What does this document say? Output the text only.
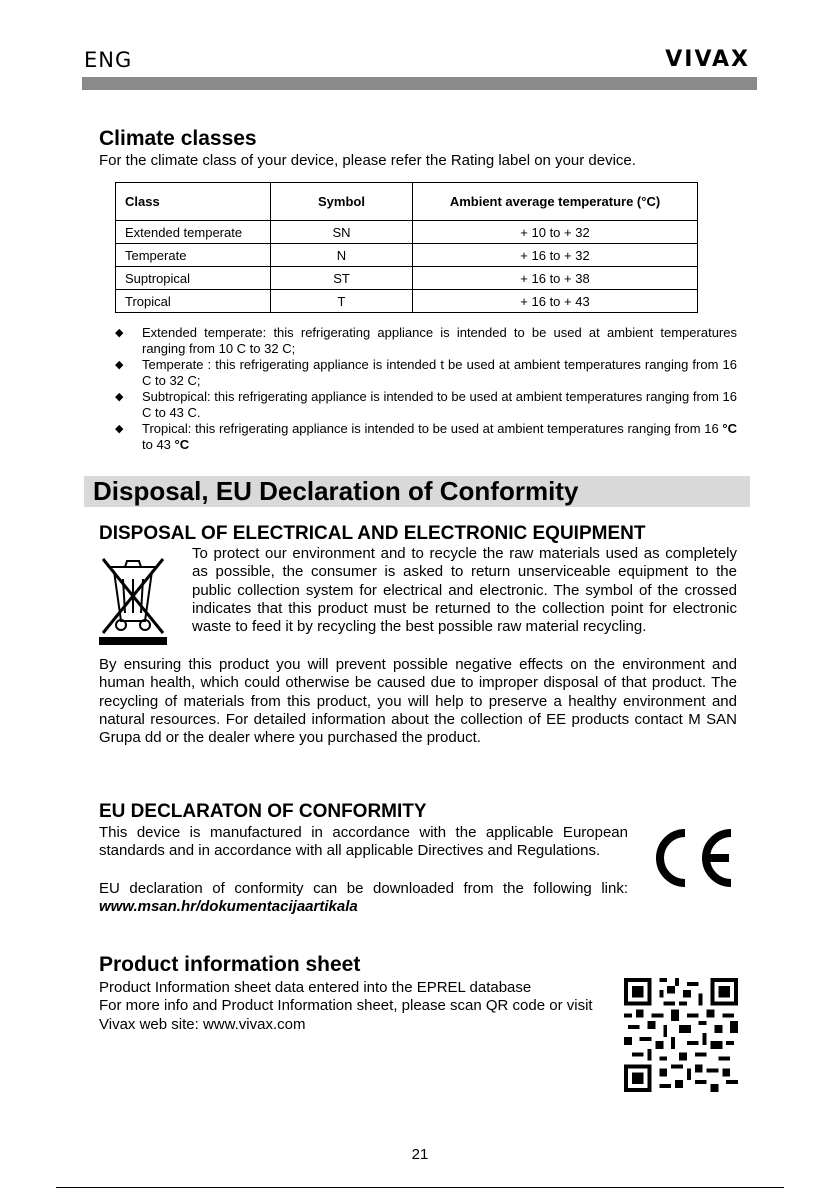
ENG	VIVAX
Climate classes
For the climate class of your device, please refer the Rating label on your device.
Class	Symbol	Ambient average temperature (°C)
Extended temperate	SN	+ 10 to + 32
Temperate	N	+ 16 to + 32
Suptropical	ST	+ 16 to + 38
Tropical	T	+ 16 to + 43
◆ Extended temperate: this refrigerating appliance is intended to be used at ambient temperatures ranging from 10 C to 32 C;
◆ Temperate : this refrigerating appliance is intended t be used at ambient temperatures ranging from 16 C to 32 C;
◆ Subtropical: this refrigerating appliance is intended to be used at ambient temperatures ranging from 16 C to 43 C.
◆ Tropical: this refrigerating appliance is intended to be used at ambient temperatures ranging from 16 °C to 43 °C
Disposal, EU Declaration of Conformity
DISPOSAL OF ELECTRICAL AND ELECTRONIC EQUIPMENT

To protect our environment and to recycle the raw materials used as completely as possible, the consumer is asked to return unserviceable equipment to the public collection system for electrical and electronic. The symbol of the crossed indicates that this product must be returned to the collection point for electronic waste to feed it by recycling the best possible raw material recycling.

By ensuring this product you will prevent possible negative effects on the environment and human health, which could otherwise be caused due to improper disposal of that product. The recycling of materials from this product, you will help to preserve a healthy environment and natural resources. For detailed information about the collection of EE products contact M SAN Grupa dd or the dealer where you purchased the product.

EU DECLARATON OF CONFORMITY

This device is manufactured in accordance with the applicable European standards and in accordance with all applicable Directives and Regulations.

EU declaration of conformity can be downloaded from the following link: www.msan.hr/dokumentacijaartikala

Product information sheet

Product Information sheet data entered into the EPREL database
For more info and Product Information sheet, please scan QR code or visit Vivax web site: www.vivax.com

21
